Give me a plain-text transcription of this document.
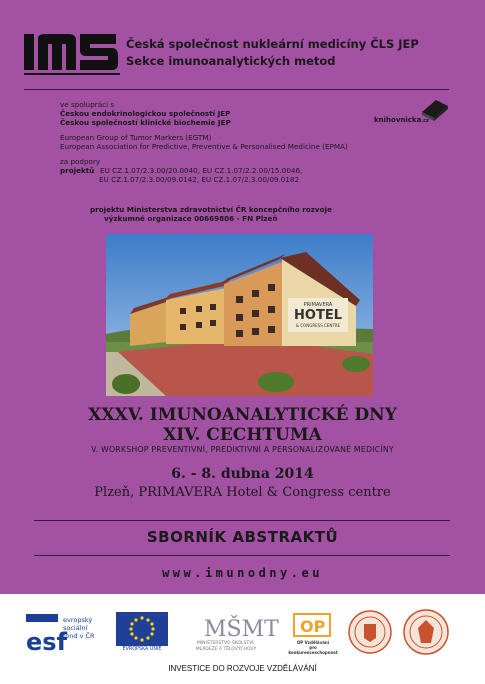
Česká společnost nukleární medicíny ČLS JEP
Sekce imunoanalytických metod
ve spolupráci s
Českou endokrinologickou společností JEP
Českou společností klinické biochemie JEP
European Group of Tumor Markers (EGTM)
European Association for Predictive, Preventive & Personalised Medicine (EPMA)
za podpory
projektů EU CZ.1.07/2.3.00/20.0040, EU CZ.1.07/2.2.00/15.0046,
EU CZ.1.07/2.3.00/09.0142, EU CZ.1.07/2.3.00/09.0182
knihovnicka.cz
projektu Ministerstva zdravotnictví ČR koncepčního rozvoje
výzkumné organizace 00669806 - FN Plzeň
PRIMAVERA
HOTEL
& CONGRESS CENTRE
XXXV. IMUNOANALYTICKÉ DNY
XIV. CECHTUMA
V. WORKSHOP PREVENTIVNÍ, PREDIKTIVNÍ A PERSONALIZOVANÉ MEDICÍNY
6. - 8. dubna 2014
Plzeň, PRIMAVERA Hotel & Congress centre
SBORNÍK ABSTRAKTŮ
www.imunodny.eu
esf
evropský
sociální
fond v ČR
EVROPSKÁ UNIE
MŠMT
MINISTERSTVO ŠKOLSTVÍ,
MLÁDEŽE A TĚLOVÝCHOVY
OP
OP Vzdělávání
pro konkurenceschopnost
INVESTICE DO ROZVOJE VZDĚLÁVÁNÍ
